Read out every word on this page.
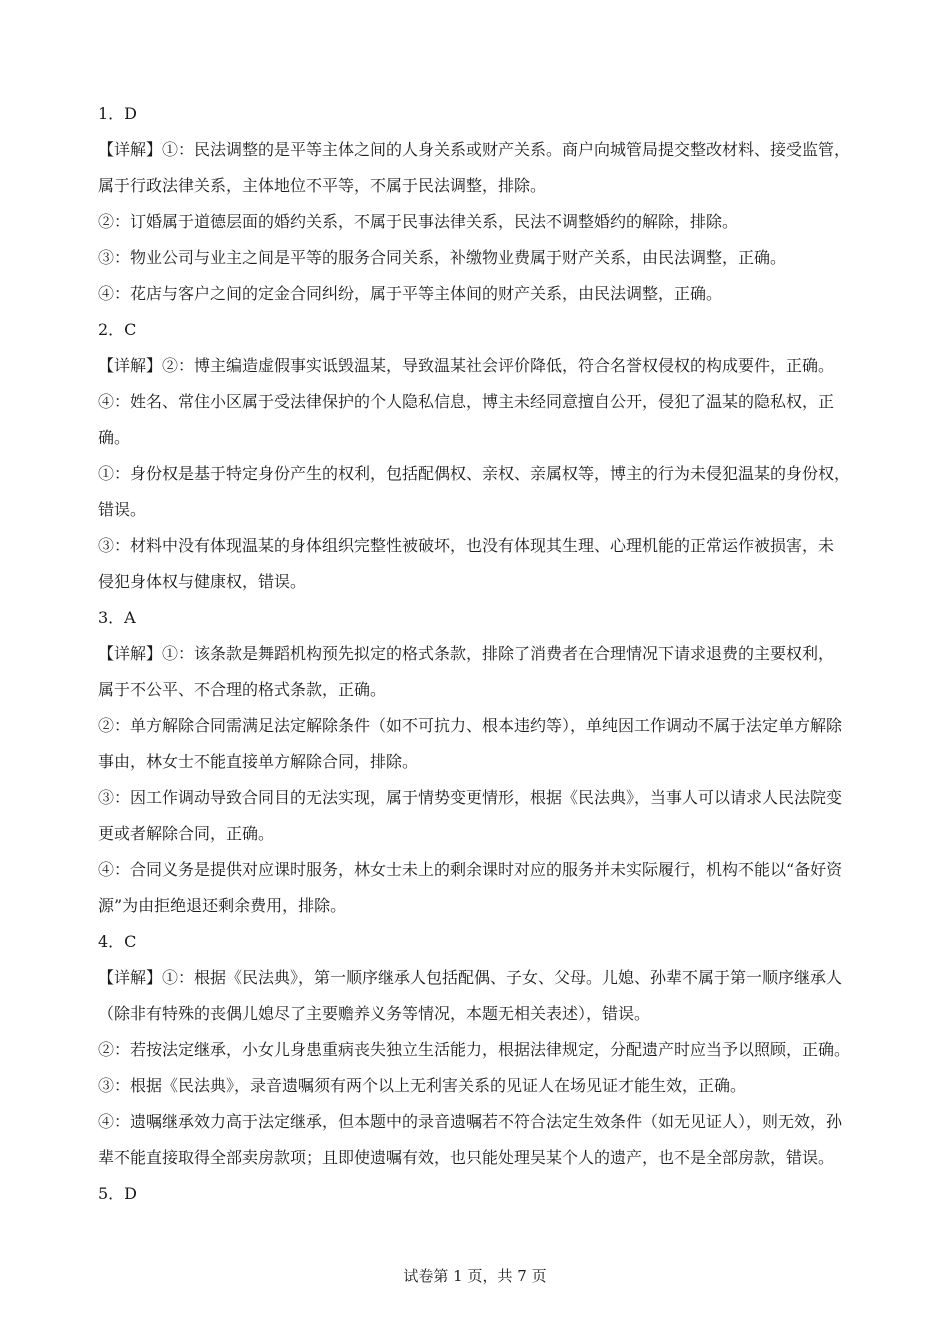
1．D
【详解】①：民法调整的是平等主体之间的人身关系或财产关系。商户向城管局提交整改材料、接受监管，
属于行政法律关系，主体地位不平等，不属于民法调整，排除。
②：订婚属于道德层面的婚约关系，不属于民事法律关系，民法不调整婚约的解除，排除。
③：物业公司与业主之间是平等的服务合同关系，补缴物业费属于财产关系，由民法调整，正确。
④：花店与客户之间的定金合同纠纷，属于平等主体间的财产关系，由民法调整，正确。
2．C
【详解】②：博主编造虚假事实诋毁温某，导致温某社会评价降低，符合名誉权侵权的构成要件，正确。
④：姓名、常住小区属于受法律保护的个人隐私信息，博主未经同意擅自公开，侵犯了温某的隐私权，正
确。
①：身份权是基于特定身份产生的权利，包括配偶权、亲权、亲属权等，博主的行为未侵犯温某的身份权，
错误。
③：材料中没有体现温某的身体组织完整性被破坏，也没有体现其生理、心理机能的正常运作被损害，未
侵犯身体权与健康权，错误。
3．A
【详解】①：该条款是舞蹈机构预先拟定的格式条款，排除了消费者在合理情况下请求退费的主要权利，
属于不公平、不合理的格式条款，正确。
②：单方解除合同需满足法定解除条件（如不可抗力、根本违约等），单纯因工作调动不属于法定单方解除
事由，林女士不能直接单方解除合同，排除。
③：因工作调动导致合同目的无法实现，属于情势变更情形，根据《民法典》，当事人可以请求人民法院变
更或者解除合同，正确。
④：合同义务是提供对应课时服务，林女士未上的剩余课时对应的服务并未实际履行，机构不能以“备好资
源”为由拒绝退还剩余费用，排除。
4．C
【详解】①：根据《民法典》，第一顺序继承人包括配偶、子女、父母。儿媳、孙辈不属于第一顺序继承人
（除非有特殊的丧偶儿媳尽了主要赡养义务等情况，本题无相关表述），错误。
②：若按法定继承，小女儿身患重病丧失独立生活能力，根据法律规定，分配遗产时应当予以照顾，正确。
③：根据《民法典》，录音遗嘱须有两个以上无利害关系的见证人在场见证才能生效，正确。
④：遗嘱继承效力高于法定继承，但本题中的录音遗嘱若不符合法定生效条件（如无见证人），则无效，孙
辈不能直接取得全部卖房款项；且即使遗嘱有效，也只能处理吴某个人的遗产，也不是全部房款，错误。
5．D
试卷第 1 页，共 7 页
